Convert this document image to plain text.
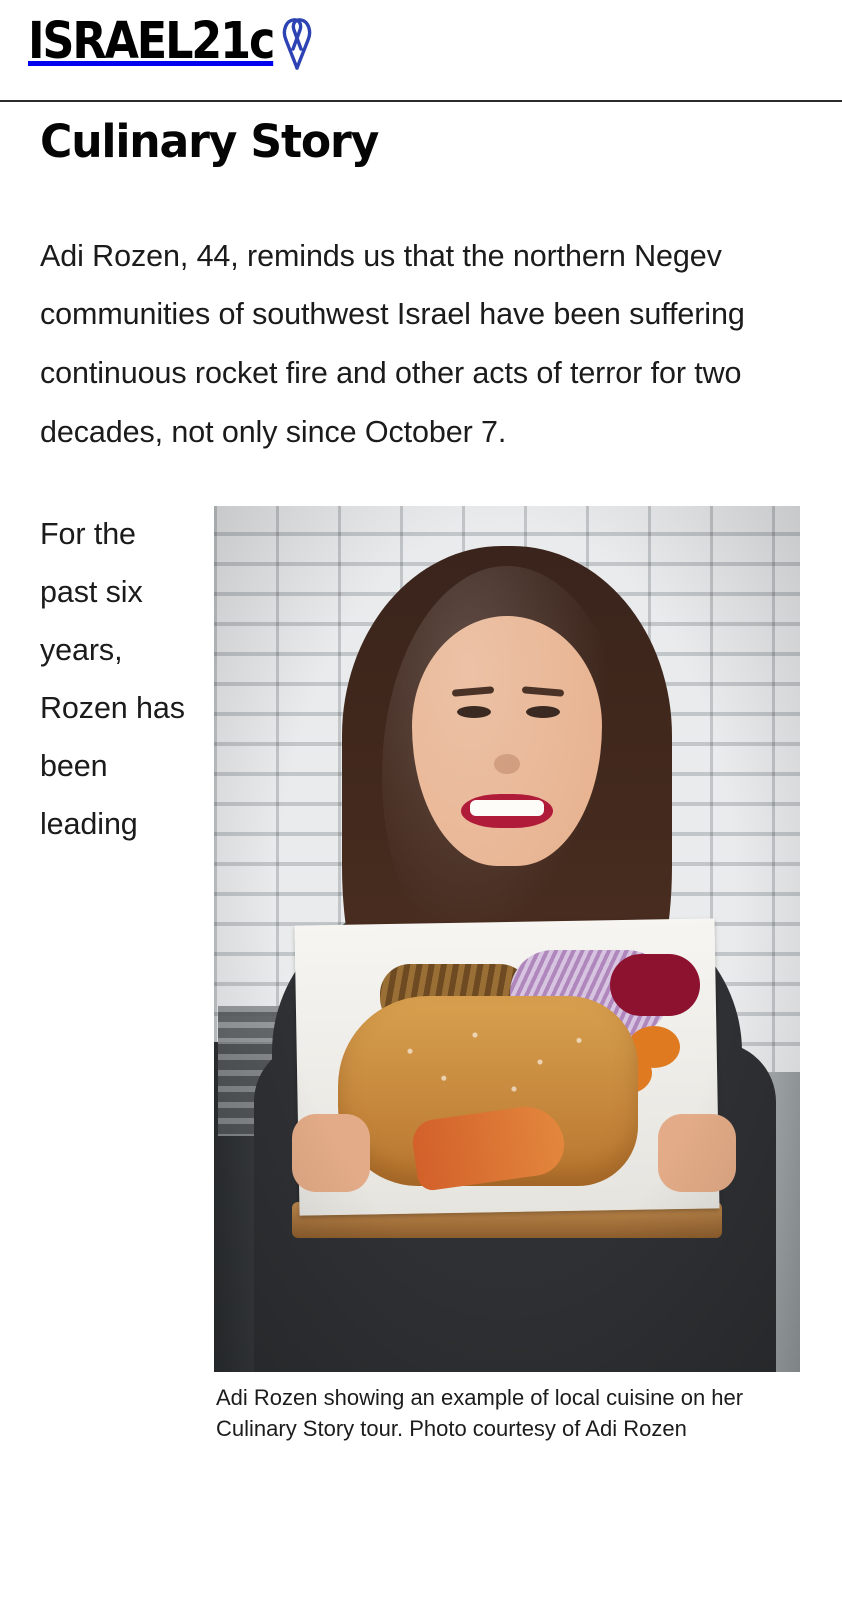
ISRAEL21c
Culinary Story

Adi Rozen, 44, reminds us that the northern Negev communities of southwest Israel have been suffering continuous rocket fire and other acts of terror for two decades, not only since October 7.

Adi Rozen showing an example of local cuisine on her Culinary Story tour. Photo courtesy of Adi Rozen

For the past six years, Rozen has been leading
